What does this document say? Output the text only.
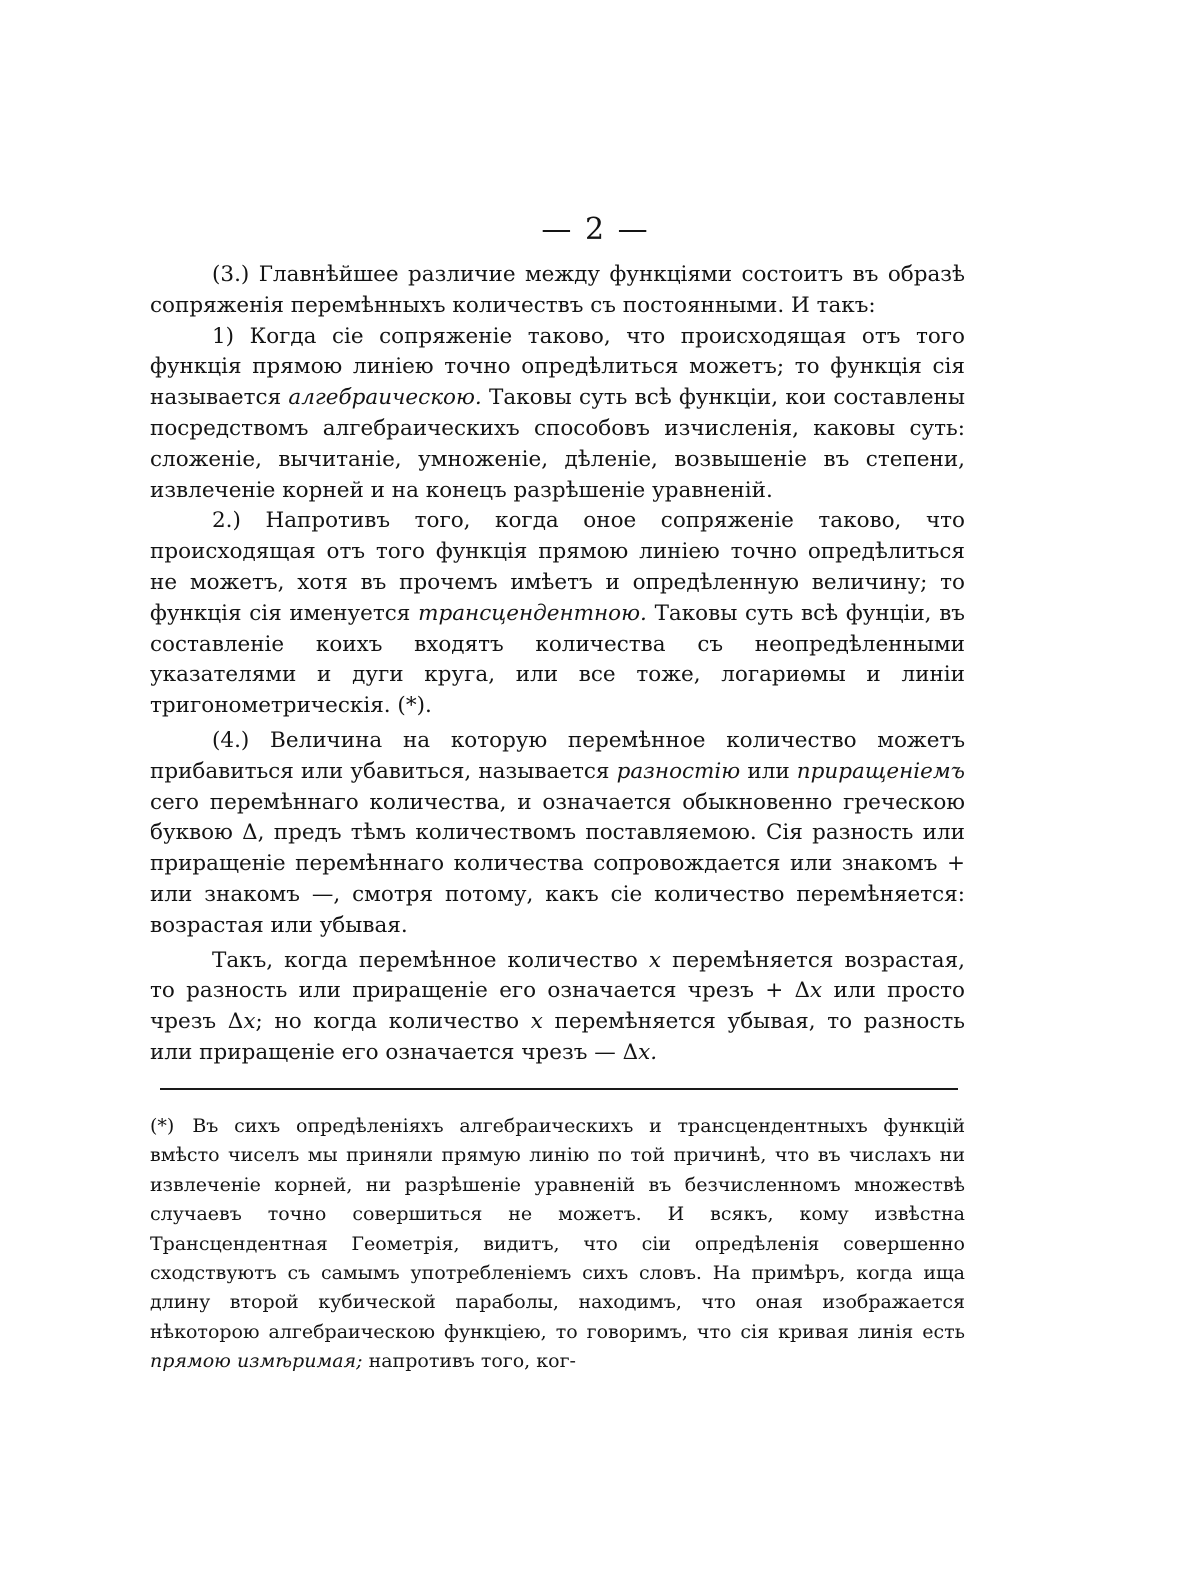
— 2 —

(3.) Главнѣйшее различие между функціями состоитъ въ образѣ сопряженія перемѣнныхъ количествъ съ постоянными. И такъ:

1) Когда сіе сопряженіе таково, что происходящая отъ того функція прямою линіею точно опредѣлиться можетъ; то функція сія называется алгебраическою. Таковы суть всѣ функціи, кои составлены посредствомъ алгебраическихъ способовъ изчисленія, каковы суть: сложеніе, вычитаніе, умноженіе, дѣленіе, возвышеніе въ степени, извлеченіе корней и на конецъ разрѣшеніе уравненій.

2.) Напротивъ того, когда оное сопряженіе таково, что происходящая отъ того функція прямою линіею точно опредѣлиться не можетъ, хотя въ прочемъ имѣетъ и опредѣленную величину; то функція сія именуется трансцендентною. Таковы суть всѣ фунціи, въ составленіе коихъ входятъ количества съ неопредѣленными указателями и дуги круга, или все тоже, логариѳмы и линіи тригонометрическія. (*).

(4.) Величина на которую перемѣнное количество можетъ прибавиться или убавиться, называется разностію или приращеніемъ сего перемѣннаго количества, и означается обыкновенно греческою буквою Δ, предъ тѣмъ количествомъ поставляемою. Сія разность или приращеніе перемѣннаго количества сопровождается или знакомъ + или знакомъ —, смотря потому, какъ сіе количество перемѣняется: возрастая или убывая.

Такъ, когда перемѣнное количество x перемѣняется возрастая, то разность или приращеніе его означается чрезъ + Δx или просто чрезъ Δx; но когда количество x перемѣняется убывая, то разность или приращеніе его означается чрезъ — Δx.

(*) Въ сихъ опредѣленіяхъ алгебраическихъ и трансцендентныхъ функцій вмѣсто чиселъ мы приняли прямую линію по той причинѣ, что въ числахъ ни извлеченіе корней, ни разрѣшеніе уравненій въ безчисленномъ множествѣ случаевъ точно совершиться не можетъ. И всякъ, кому извѣстна Трансцендентная Геометрія, видитъ, что сіи опредѣленія совершенно сходствуютъ съ самымъ употребленіемъ сихъ словъ. На примѣръ, когда ища длину второй кубической параболы, находимъ, что оная изображается нѣкоторою алгебраическою функціею, то говоримъ, что сія кривая линія есть прямою измѣримая; напротивъ того, ког-
